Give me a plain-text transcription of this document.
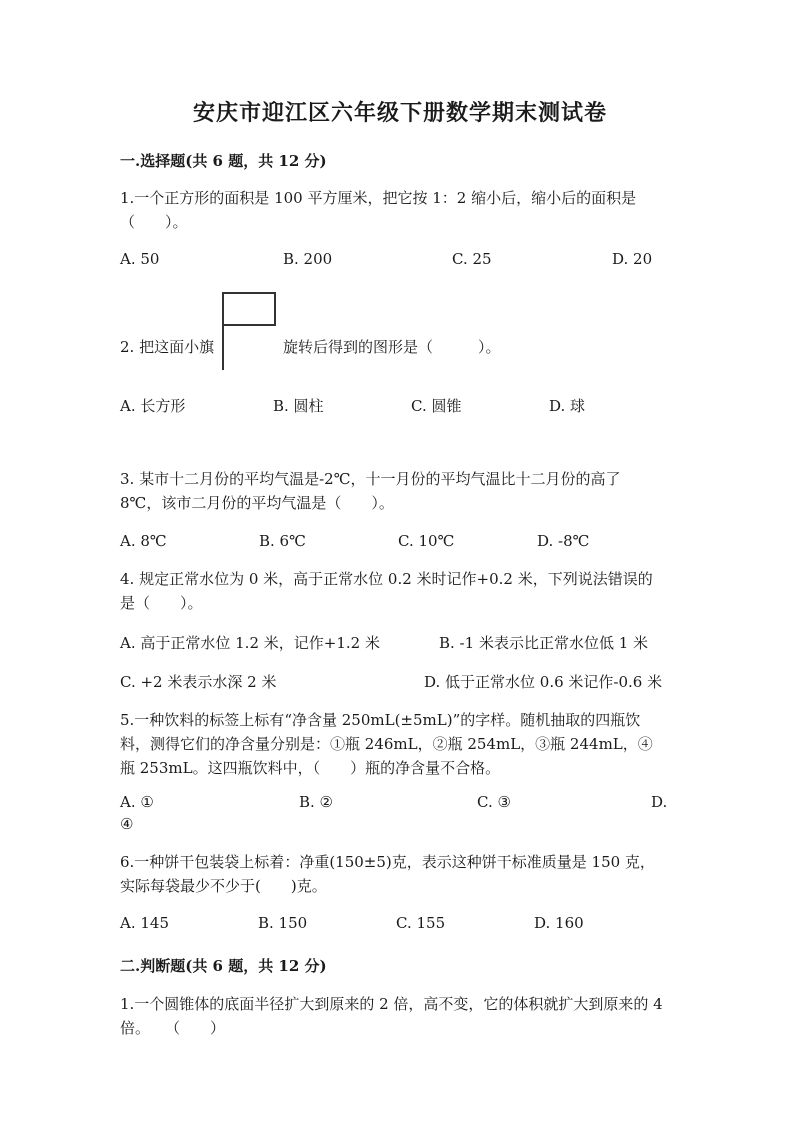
安庆市迎江区六年级下册数学期末测试卷
一.选择题(共 6 题，共 12 分)
1.一个正方形的面积是 100 平方厘米，把它按 1：2 缩小后，缩小后的面积是（　　）。
A. 50	B. 200	C. 25	D. 20
2. 把这面小旗	旋转后得到的图形是（　　　）。
A. 长方形	B. 圆柱	C. 圆锥	D. 球
3. 某市十二月份的平均气温是-2℃，十一月份的平均气温比十二月份的高了 8℃，该市二月份的平均气温是（　　）。
A. 8℃	B. 6℃	C. 10℃	D. -8℃
4. 规定正常水位为 0 米，高于正常水位 0.2 米时记作+0.2 米，下列说法错误的是（　　）。
A. 高于正常水位 1.2 米，记作+1.2 米	B. -1 米表示比正常水位低 1 米
C. +2 米表示水深 2 米	D. 低于正常水位 0.6 米记作-0.6 米
5.一种饮料的标签上标有“净含量 250mL(±5mL)”的字样。随机抽取的四瓶饮料，测得它们的净含量分别是：①瓶 246mL，②瓶 254mL，③瓶 244mL，④瓶 253mL。这四瓶饮料中，（　　）瓶的净含量不合格。
A. ①	B. ②	C. ③	D.
④
6.一种饼干包装袋上标着：净重(150±5)克，表示这种饼干标准质量是 150 克，实际每袋最少不少于(　　)克。
A. 145	B. 150	C. 155	D. 160
二.判断题(共 6 题，共 12 分)
1.一个圆锥体的底面半径扩大到原来的 2 倍，高不变，它的体积就扩大到原来的 4 倍。　　（　　）
